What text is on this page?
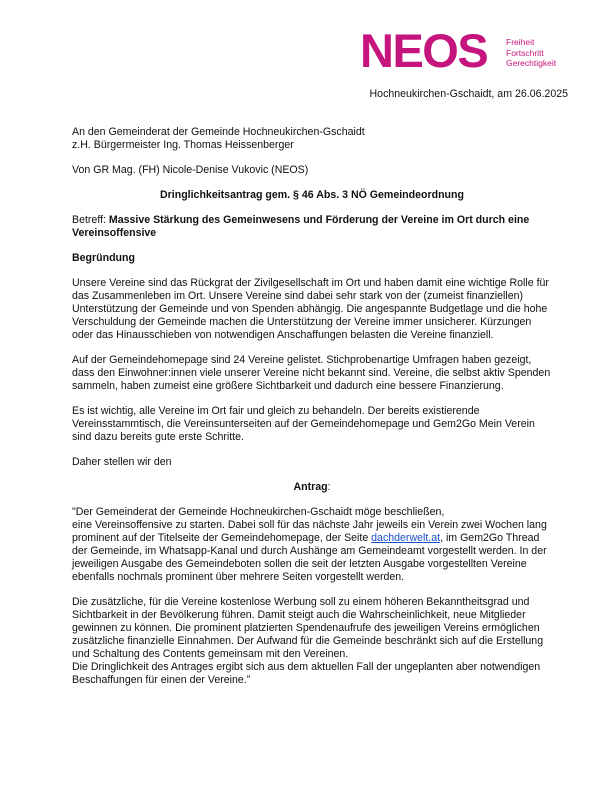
NEOS Freiheit
Fortschritt
Gerechtigkeit
Hochneukirchen-Gschaidt, am 26.06.2025

An den Gemeinderat der Gemeinde Hochneukirchen-Gschaidt

z.H. Bürgermeister Ing. Thomas Heissenberger

Von GR Mag. (FH) Nicole-Denise Vukovic (NEOS)

Dringlichkeitsantrag gem. § 46 Abs. 3 NÖ Gemeindeordnung

Betreff: Massive Stärkung des Gemeinwesens und Förderung der Vereine im Ort durch eine Vereinsoffensive

Begründung

Unsere Vereine sind das Rückgrat der Zivilgesellschaft im Ort und haben damit eine wichtige Rolle für das Zusammenleben im Ort. Unsere Vereine sind dabei sehr stark von der (zumeist finanziellen) Unterstützung der Gemeinde und von Spenden abhängig. Die angespannte Budgetlage und die hohe Verschuldung der Gemeinde machen die Unterstützung der Vereine immer unsicherer. Kürzungen oder das Hinausschieben von notwendigen Anschaffungen belasten die Vereine finanziell.

Auf der Gemeindehomepage sind 24 Vereine gelistet. Stichprobenartige Umfragen haben gezeigt, dass den Einwohner:innen viele unserer Vereine nicht bekannt sind. Vereine, die selbst aktiv Spenden sammeln, haben zumeist eine größere Sichtbarkeit und dadurch eine bessere Finanzierung.

Es ist wichtig, alle Vereine im Ort fair und gleich zu behandeln. Der bereits existierende Vereinsstammtisch, die Vereinsunterseiten auf der Gemeindehomepage und Gem2Go Mein Verein sind dazu bereits gute erste Schritte.

Daher stellen wir den

Antrag:

"Der Gemeinderat der Gemeinde Hochneukirchen-Gschaidt möge beschließen,

eine Vereinsoffensive zu starten. Dabei soll für das nächste Jahr jeweils ein Verein zwei Wochen lang prominent auf der Titelseite der Gemeindehomepage, der Seite dachderwelt.at, im Gem2Go Thread der Gemeinde, im Whatsapp-Kanal und durch Aushänge am Gemeindeamt vorgestellt werden. In der jeweiligen Ausgabe des Gemeindeboten sollen die seit der letzten Ausgabe vorgestellten Vereine ebenfalls nochmals prominent über mehrere Seiten vorgestellt werden.

Die zusätzliche, für die Vereine kostenlose Werbung soll zu einem höheren Bekanntheitsgrad und Sichtbarkeit in der Bevölkerung führen. Damit steigt auch die Wahrscheinlichkeit, neue Mitglieder gewinnen zu können. Die prominent platzierten Spendenaufrufe des jeweiligen Vereins ermöglichen zusätzliche finanzielle Einnahmen. Der Aufwand für die Gemeinde beschränkt sich auf die Erstellung und Schaltung des Contents gemeinsam mit den Vereinen.

Die Dringlichkeit des Antrages ergibt sich aus dem aktuellen Fall der ungeplanten aber notwendigen Beschaffungen für einen der Vereine.”
